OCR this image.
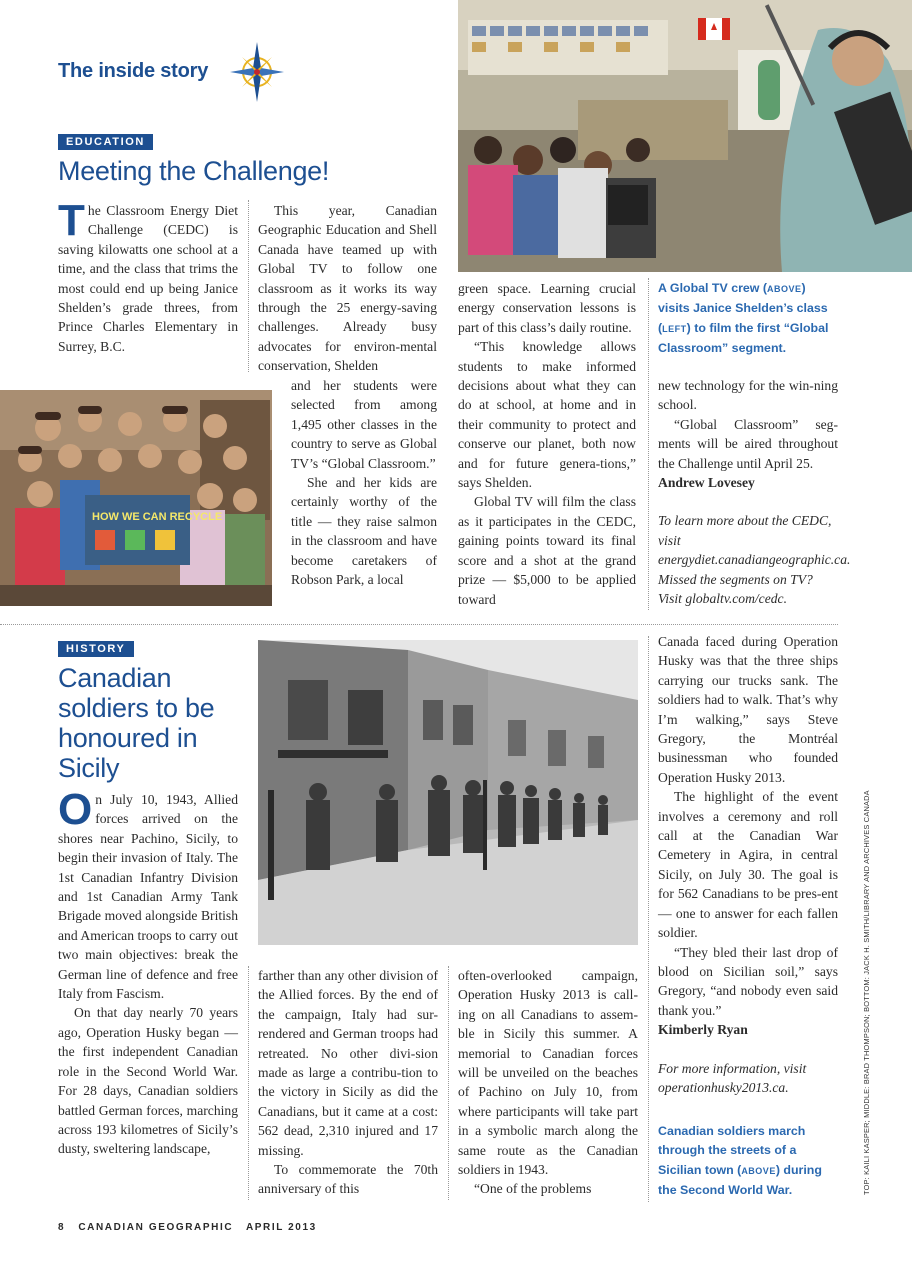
The inside story
EDUCATION
Meeting the Challenge!

The Classroom Energy Diet Challenge (CEDC) is saving kilowatts one school at a time, and the class that trims the most could end up being Janice Shelden’s grade threes, from Prince Charles Elementary in Surrey, B.C.

This year, Canadian Geographic Education and Shell Canada have teamed up with Global TV to follow one classroom as it works its way through the 25 energy-saving challenges. Already busy advocates for environ-mental conservation, Shelden

and her students were selected from among 1,495 other classes in the country to serve as Global TV’s “Global Classroom.”

She and her kids are certainly worthy of the title — they raise salmon in the classroom and have become caretakers of Robson Park, a local

HOW WE CAN RECYCLE

green space. Learning crucial energy conservation lessons is part of this class’s daily routine.

“This knowledge allows students to make informed decisions about what they can do at school, at home and in their community to protect and conserve our planet, both now and for future genera-tions,” says Shelden.

Global TV will film the class as it participates in the CEDC, gaining points toward its final score and a shot at the grand prize — $5,000 to be applied toward

A Global TV crew (ABOVE) visits Janice Shelden’s class (LEFT) to film the first “Global Classroom” segment.

new technology for the win-ning school.

“Global Classroom” seg-ments will be aired throughout the Challenge until April 25.

Andrew Lovesey

To learn more about the CEDC, visit energydiet.canadiangeographic.ca. Missed the segments on TV? Visit globaltv.com/cedc.

HISTORY
Canadian soldiers to be honoured in Sicily

On July 10, 1943, Allied forces arrived on the shores near Pachino, Sicily, to begin their invasion of Italy. The 1st Canadian Infantry Division and 1st Canadian Army Tank Brigade moved alongside British and American troops to carry out two main objectives: break the German line of defence and free Italy from Fascism.

On that day nearly 70 years ago, Operation Husky began — the first independent Canadian role in the Second World War. For 28 days, Canadian soldiers battled German forces, marching across 193 kilometres of Sicily’s dusty, sweltering landscape,

farther than any other division of the Allied forces. By the end of the campaign, Italy had sur-rendered and German troops had retreated. No other divi-sion made as large a contribu-tion to the victory in Sicily as did the Canadians, but it came at a cost: 562 dead, 2,310 injured and 17 missing.

To commemorate the 70th anniversary of this

often-overlooked campaign, Operation Husky 2013 is call-ing on all Canadians to assem-ble in Sicily this summer. A memorial to Canadian forces will be unveiled on the beaches of Pachino on July 10, from where participants will take part in a symbolic march along the same route as the Canadian soldiers in 1943.

“One of the problems

Canada faced during Operation Husky was that the three ships carrying our trucks sank. The soldiers had to walk. That’s why I’m walking,” says Steve Gregory, the Montréal businessman who founded Operation Husky 2013.

The highlight of the event involves a ceremony and roll call at the Canadian War Cemetery in Agira, in central Sicily, on July 30. The goal is for 562 Canadians to be pres-ent — one to answer for each fallen soldier.

“They bled their last drop of blood on Sicilian soil,” says Gregory, “and nobody even said thank you.”

Kimberly Ryan

For more information, visit operationhusky2013.ca.

Canadian soldiers march through the streets of a Sicilian town (ABOVE) during the Second World War.
8 CANADIAN GEOGRAPHIC APRIL 2013
TOP: KAILI KASPER; MIDDLE: BRAD THOMPSON; BOTTOM: JACK H. SMITH/LIBRARY AND ARCHIVES CANADA
